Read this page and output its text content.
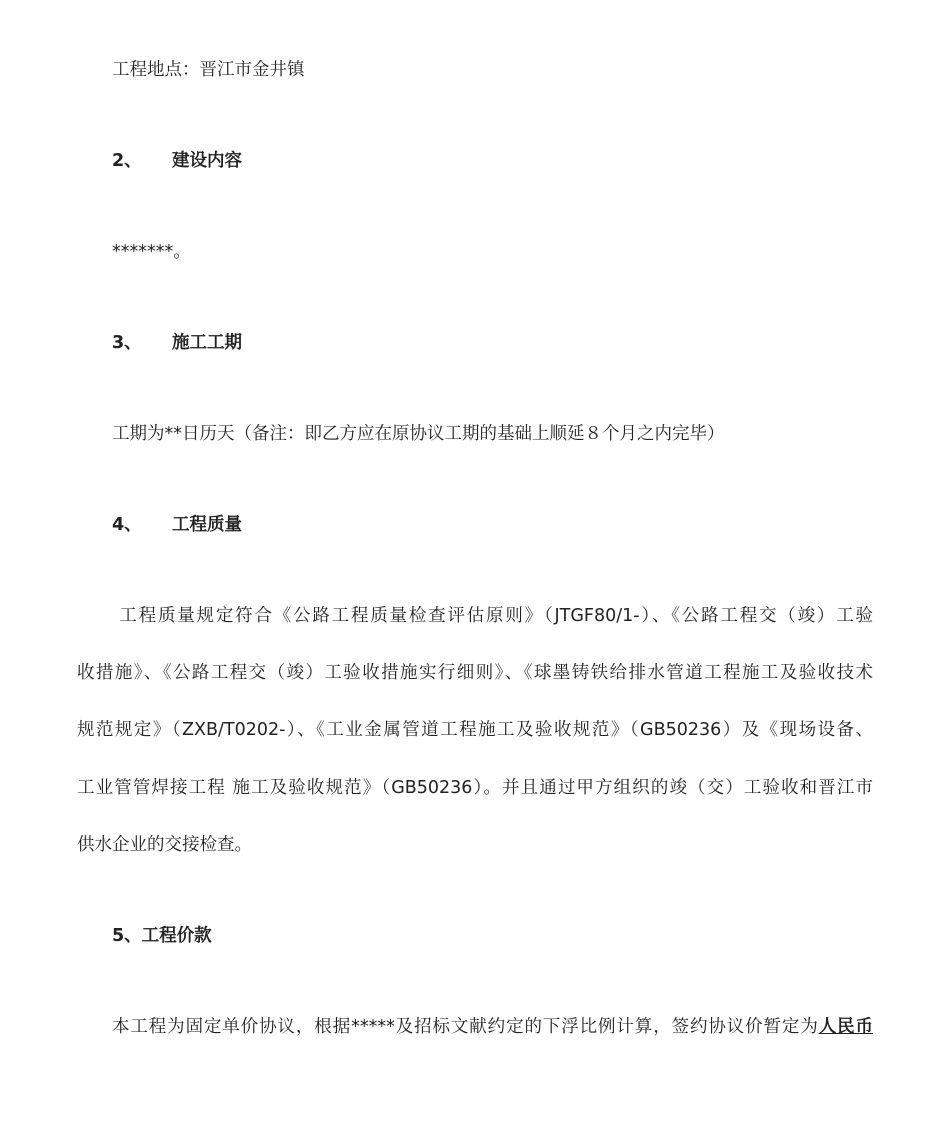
工程地点：晋江市金井镇
2、 建设内容
*******。
3、 施工工期
工期为**日历天（备注：即乙方应在原协议工期的基础上顺延８个月之内完毕）
4、 工程质量
工程质量规定符合《公路工程质量检查评估原则》（JTGF80/1-）、《公路工程交（竣）工验
收措施》、《公路工程交（竣）工验收措施实行细则》、《球墨铸铁给排水管道工程施工及验收技术
规范规定》（ZXB/T0202-）、《工业金属管道工程施工及验收规范》（GB50236）及《现场设备、
工业管管焊接工程 施工及验收规范》（GB50236）。并且通过甲方组织的竣（交）工验收和晋江市
供水企业的交接检查。
5、工程价款
本工程为固定单价协议，根据*****及招标文献约定的下浮比例计算，签约协议价暂定为人民币
